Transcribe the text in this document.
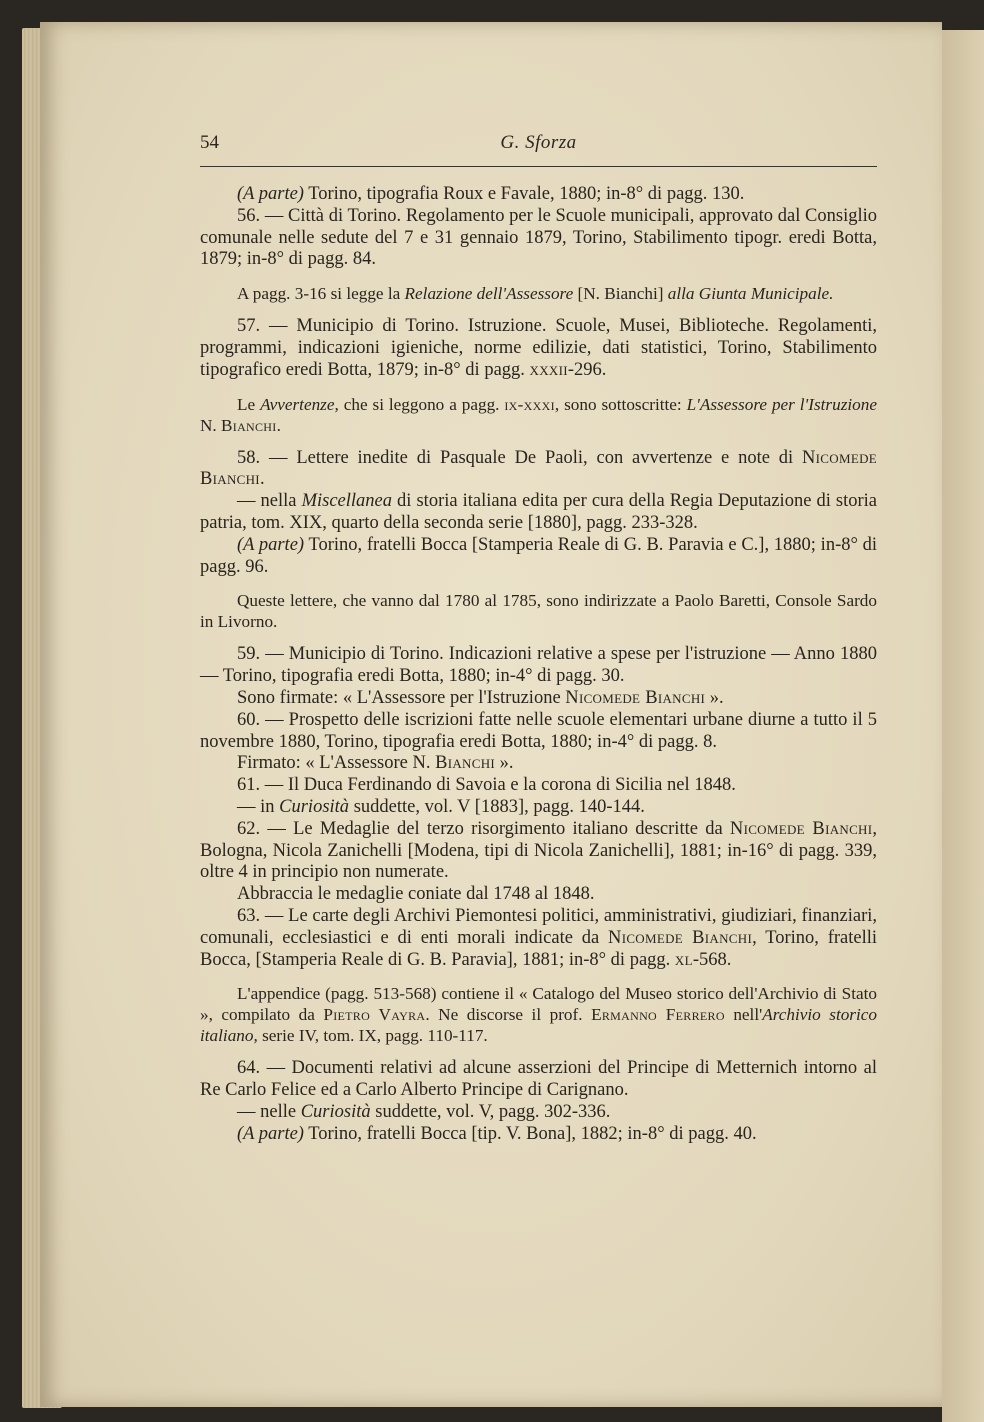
54	G. Sforza

(A parte) Torino, tipografia Roux e Favale, 1880; in-8° di pagg. 130.

56. — Città di Torino. Regolamento per le Scuole municipali, approvato dal Consiglio comunale nelle sedute del 7 e 31 gennaio 1879, Torino, Stabilimento tipogr. eredi Botta, 1879; in-8° di pagg. 84.

A pagg. 3-16 si legge la Relazione dell'Assessore [N. Bianchi] alla Giunta Municipale.

57. — Municipio di Torino. Istruzione. Scuole, Musei, Biblioteche. Regolamenti, programmi, indicazioni igieniche, norme edilizie, dati statistici, Torino, Stabilimento tipografico eredi Botta, 1879; in-8° di pagg. xxxii-296.

Le Avvertenze, che si leggono a pagg. ix-xxxi, sono sottoscritte: L'Assessore per l'Istruzione N. Bianchi.

58. — Lettere inedite di Pasquale De Paoli, con avvertenze e note di Nicomede Bianchi.

— nella Miscellanea di storia italiana edita per cura della Regia Deputazione di storia patria, tom. XIX, quarto della seconda serie [1880], pagg. 233-328.

(A parte) Torino, fratelli Bocca [Stamperia Reale di G. B. Paravia e C.], 1880; in-8° di pagg. 96.

Queste lettere, che vanno dal 1780 al 1785, sono indirizzate a Paolo Baretti, Console Sardo in Livorno.

59. — Municipio di Torino. Indicazioni relative a spese per l'istruzione — Anno 1880 — Torino, tipografia eredi Botta, 1880; in-4° di pagg. 30.

Sono firmate: « L'Assessore per l'Istruzione Nicomede Bianchi ».

60. — Prospetto delle iscrizioni fatte nelle scuole elementari urbane diurne a tutto il 5 novembre 1880, Torino, tipografia eredi Botta, 1880; in-4° di pagg. 8.

Firmato: « L'Assessore N. Bianchi ».

61. — Il Duca Ferdinando di Savoia e la corona di Sicilia nel 1848.

— in Curiosità suddette, vol. V [1883], pagg. 140-144.

62. — Le Medaglie del terzo risorgimento italiano descritte da Nicomede Bianchi, Bologna, Nicola Zanichelli [Modena, tipi di Nicola Zanichelli], 1881; in-16° di pagg. 339, oltre 4 in principio non numerate.

Abbraccia le medaglie coniate dal 1748 al 1848.

63. — Le carte degli Archivi Piemontesi politici, amministrativi, giudiziari, finanziari, comunali, ecclesiastici e di enti morali indicate da Nicomede Bianchi, Torino, fratelli Bocca, [Stamperia Reale di G. B. Paravia], 1881; in-8° di pagg. xl-568.

L'appendice (pagg. 513-568) contiene il « Catalogo del Museo storico dell'Archivio di Stato », compilato da Pietro Vayra. Ne discorse il prof. Ermanno Ferrero nell'Archivio storico italiano, serie IV, tom. IX, pagg. 110-117.

64. — Documenti relativi ad alcune asserzioni del Principe di Metternich intorno al Re Carlo Felice ed a Carlo Alberto Principe di Carignano.

— nelle Curiosità suddette, vol. V, pagg. 302-336.

(A parte) Torino, fratelli Bocca [tip. V. Bona], 1882; in-8° di pagg. 40.
